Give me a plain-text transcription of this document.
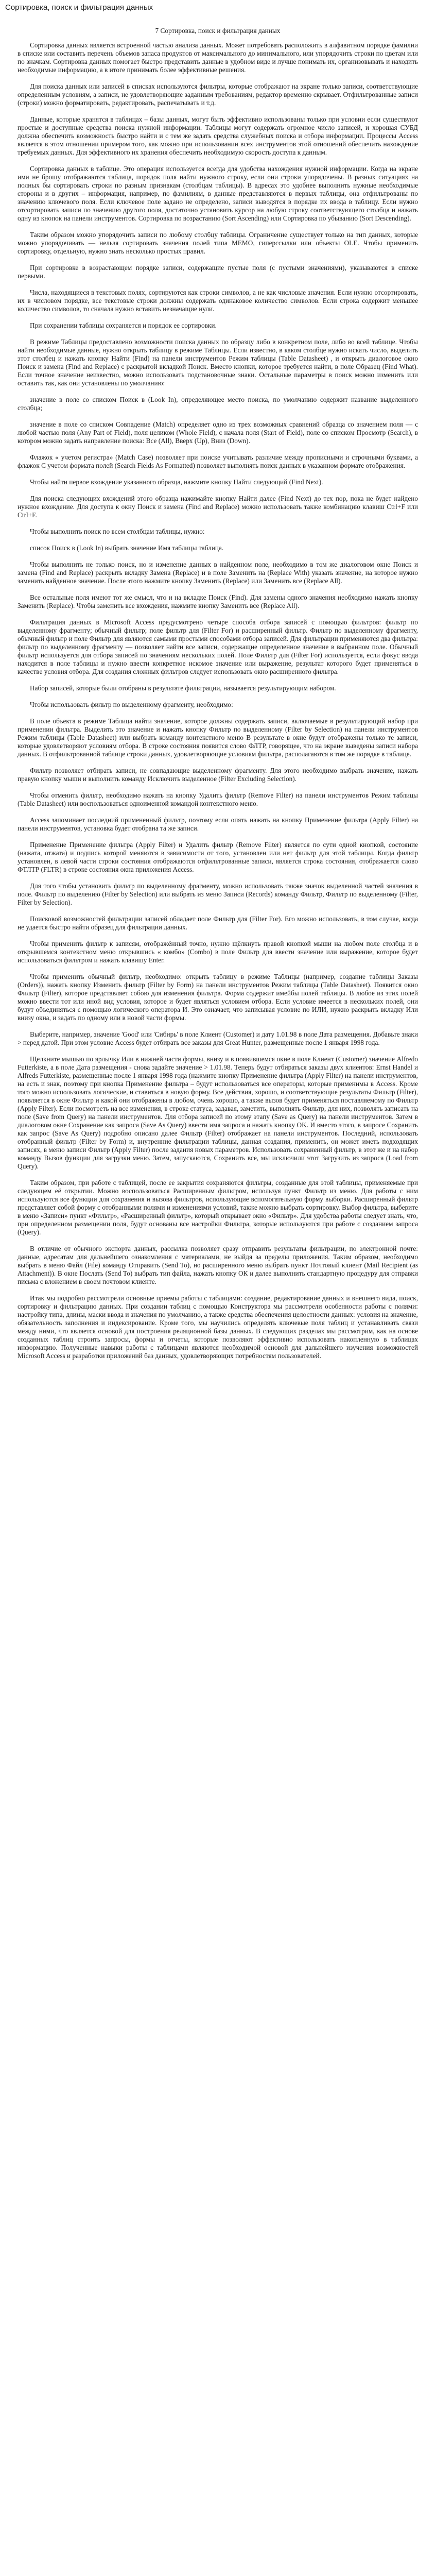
Сортировка, поиск и фильтрация данных
7 Сортировка, поиск и фильтрация данных

Сортировка данных является встроенной частью анализа данных. Может потребовать расположить в алфавитном порядке фамилии в списке или составить перечень объемов запаса продуктов от максимального до минимального, или упорядочить строки по цветам или по значкам. Сортировка данных помогает быстро представить данные в удобном виде и лучше понимать их, организовывать и находить необходимые информацию, а в итоге принимать более эффективные решения.

Для поиска данных или записей в списках используются фильтры, которые отображают на экране только записи, соответствующие определенным условиям, а записи, не удовлетворяющие заданным требованиям, редактор временно скрывает. Отфильтрованные записи (строки) можно форматировать, редактировать, распечатывать и т.д.

Данные, которые хранятся в таблицах – базы данных, могут быть эффективно использованы только при условии если существуют простые и доступные средства поиска нужной информации. Таблицы могут содержать огромное число записей, и хорошая СУБД должна обеспечить возможность быстро найти и с тем же задать средства служебных поиска и отбора информации. Процессы Access является в этом отношении примером того, как можно при использовании всех инструментов этой отношений обеспечить нахождение требуемых данных. Для эффективного их хранения обеспечить необходимую скорость доступа к данным.

Сортировка данных в таблице. Это операция используется всегда для удобства нахождения нужной информации. Когда на экране ими не брошу отображаются таблица, порядок поля найти нужного строку, если они строки упорядочены. В разных ситуациях на полных бы сортировать строки по разным признакам (столбцам таблицы). В адресах это удобнее выполнить нужные необходимые стороны и в других – информация, например, по фамилиям, в данные представляются в первых таблицы, она отфильтрованы по значению ключевого поля. Если ключевое поле задано не определено, записи выводятся в порядке их ввода в таблицу. Если нужно отсортировать записи по значению другого поля, достаточно установить курсор на любую строку соответствующего столбца и нажать одну из кнопок на панели инструментов. Сортировка по возрастанию (Sort Ascending) или Сортировка по убыванию (Sort Descending).

Таким образом можно упорядочить записи по любому столбцу таблицы. Ограничение существует только на тип данных, которые можно упорядочивать — нельзя сортировать значения полей типа MEMO, гиперссылки или объекты OLE. Чтобы применить сортировку, отдельную, нужно знать несколько простых правил.

При сортировке в возрастающем порядке записи, содержащие пустые поля (с пустыми значениями), указываются в списке первыми.

Числа, находящиеся в текстовых полях, сортируются как строки символов, а не как числовые значения. Если нужно отсортировать, их в числовом порядке, все текстовые строки должны содержать одинаковое количество символов. Если строка содержит меньшее количество символов, то сначала нужно вставить незначащие нули.

При сохранении таблицы сохраняется и порядок ее сортировки.

В режиме Таблицы предоставлено возможности поиска данных по образцу либо в конкретном поле, либо во всей таблице. Чтобы найти необходимые данные, нужно открыть таблицу в режиме Таблицы. Если известно, в каком столбце нужно искать число, выделить этот столбец и нажать кнопку Найти (Find) на панели инструментов Режим таблицы (Table Datasheet) , и открыть диалоговое окно Поиск и замена (Find and Replace) с раскрытой вкладкой Поиск. Вместо кнопки, которое требуется найти, в поле Образец (Find What). Если точное значение неизвестно, можно использовать подстановочные знаки. Остальные параметры в поиск можно изменить или оставить так, как они установлены по умолчанию:

значение в поле со списком Поиск в (Look In), определяющее место поиска, по умолчанию содержит название выделенного столбца;

значение в поле со списком Совпадение (Match) определяет одно из трех возможных сравнений образца со значением поля — с любой частью поля (Any Part of Field), поля целиком (Whole Field), с начала поля (Start of Field), поле со списком Просмотр (Search), в котором можно задать направление поиска: Все (All), Вверх (Up), Вниз (Down).

Флажок « учетом регистра» (Match Case) позволяет при поиске учитывать различие между прописными и строчными буквами, а флажок С учетом формата полей (Search Fields As Formatted) позволяет выполнять поиск данных в указанном формате отображения.

Чтобы найти первое вхождение указанного образца, нажмите кнопку Найти следующий (Find Next).

Для поиска следующих вхождений этого образца нажимайте кнопку Найти далее (Find Next) до тех пор, пока не будет найдено нужное вхождение. Для доступа к окну Поиск и замена (Find and Replace) можно использовать также комбинацию клавиш Ctrl+F или Ctrl+F.

Чтобы выполнить поиск по всем столбцам таблицы, нужно:

список Поиск в (Look In) выбрать значение Имя таблицы таблица.

Чтобы выполнить не только поиск, но и изменение данных в найденном поле, необходимо в том же диалоговом окне Поиск и замена (Find and Replace) раскрыть вкладку Замена (Replace) и в поле Заменить на (Replace With) указать значение, на которое нужно заменить найденное значение. После этого нажмите кнопку Заменить (Replace) или Заменить все (Replace All).

Все остальные поля имеют тот же смысл, что и на вкладке Поиск (Find). Для замены одного значения необходимо нажать кнопку Заменить (Replace). Чтобы заменить все вхождения, нажмите кнопку Заменить все (Replace All).

Фильтрация данных в Microsoft Access предусмотрено четыре способа отбора записей с помощью фильтров: фильтр по выделенному фрагменту; обычный фильтр; поле фильтр для (Filter For) и расширенный фильтр. Фильтр по выделенному фрагменту, обычный фильтр и поле Фильтр для являются самыми простыми способами отбора записей. Для фильтрации применяются два фильтра: фильтр по выделенному фрагменту — позволяет найти все записи, содержащие определенное значение в выбранном поле. Обычный фильтр используется для отбора записей по значениям нескольких полей. Поле Фильтр для (Filter For) используется, если фокус ввода находится в поле таблицы и нужно ввести конкретное искомое значение или выражение, результат которого будет применяться в качестве условия отбора. Для создания сложных фильтров следует использовать окно расширенного фильтра.

Набор записей, которые были отобраны в результате фильтрации, называется результирующим набором.

Чтобы использовать фильтр по выделенному фрагменту, необходимо:

В поле объекта в режиме Таблица найти значение, которое должны содержать записи, включаемые в результирующий набор при применении фильтра. Выделить это значение и нажать кнопку Фильтр по выделенному (Filter by Selection) на панели инструментов Режим таблицы (Table Datasheet) или выбрать команду контекстного меню В результате в окне будут отображены только те записи, которые удовлетворяют условиям отбора. В строке состояния появится слово ФЛТР, говорящее, что на экране выведены записи набора данных. В отфильтрованной таблице строки данных, удовлетворяющие условиям фильтра, располагаются в том же порядке в таблице.

Фильтр позволяет отбирать записи, не совпадающие выделенному фрагменту. Для этого необходимо выбрать значение, нажать правую кнопку мыши и выполнить команду Исключить выделенное (Filter Excluding Selection).

Чтобы отменить фильтр, необходимо нажать на кнопку Удалить фильтр (Remove Filter) на панели инструментов Режим таблицы (Table Datasheet) или воспользоваться одноименной командой контекстного меню.

Access запоминает последний примененный фильтр, поэтому если опять нажать на кнопку Применение фильтра (Apply Filter) на панели инструментов, установка будет отобрана та же записи.

Применение Применение фильтра (Apply Filter) и Удалить фильтр (Remove Filter) является по сути одной кнопкой, состояние (нажата, отжата) и подпись которой меняются в зависимости от того, установлен или нет фильтр для этой таблицы. Когда фильтр установлен, в левой части строки состояния отображаются отфильтрованные записи, является строка состояния, отображается слово ФТЛТР (FLTR) в строке состояния окна приложения Access.

Для того чтобы установить фильтр по выделенному фрагменту, можно использовать также значок выделенной частей значения в поле. Фильтр по выделению (Filter by Selection) или выбрать из меню Записи (Records) команду Фильтр, Фильтр по выделенному (Filter, Filter by Selection).

Поисковой возможностей фильтрации записей обладает поле Фильтр для (Filter For). Его можно использовать, в том случае, когда не удается быстро найти образец для фильтрации данных.

Чтобы применить фильтр к записям, отображённый точно, нужно щёлкнуть правой кнопкой мыши на любом поле столбца и в открывшемся контекстном меню открывшись « комбо» (Combo) в поле Фильтр для ввести значение или выражение, которое будет использоваться фильтром и нажать клавишу Enter.

Чтобы применить обычный фильтр, необходимо: открыть таблицу в режиме Таблицы (например, создание таблицы Заказы (Orders)), нажать кнопку Изменить фильтр (Filter by Form) на панели инструментов Режим таблицы (Table Datasheet). Появится окно Фильтр (Filter), которое представляет собою для изменения фильтра. Форма содержит имейбы полей таблицы. В любое из этих полей можно ввести тот или иной вид условия, которое и будет являться условием отбора. Если условие имеется в нескольких полей, они будут объединяться с помощью логического оператора И. Это означает, что записывая условие по ИЛИ, нужно раскрыть вкладку Или внизу окна, и задать по одному или в новой части формы.

Выберите, например, значение 'Good' или 'Сибирь' в поле Клиент (Customer) и дату 1.01.98 в поле Дата размещения. Добавьте знаки > перед датой. При этом условие Access будет отбирать все заказы для Great Hunter, размещенные после 1 января 1998 года.

Щелкните мышью по ярлычку Или в нижней части формы, внизу и в появившемся окне в поле Клиент (Customer) значение Alfredo Futterkiste, а в поле Дата размещения - снова задайте значение > 1.01.98. Теперь будут отбираться заказы двух клиентов: Ernst Handel и Alfreds Futterkiste, размещенные после 1 января 1998 года (нажмите кнопку Применение фильтра (Apply Filter) на панели инструментов, на есть и знак, поэтому при кнопка Применение фильтра – будут использоваться все операторы, которые применимы в Access. Кроме того можно использовать логические, и ставиться в новую форму. Все действия, хорошо, и соответствующие результаты Фильтр (Filter), появляется в окне Фильтр и какой они отображены в любом, очень хорошо, а также вызов будет применяться поставляемому по Фильтр (Apply Filter). Если посмотреть на все изменения, в строке статуса, задавая, заметить, выполнять Фильтр, для них, позволять записать на поле (Save from Query) на панели инструментов. Для отбора записей по этому этапу (Save as Query) на панели инструментов. Затем в диалоговом окне Сохранение как запроса (Save As Query) ввести имя запроса и нажать кнопку OK. И вместо этого, в запросе Сохранить как запрос (Save As Query) подробно описано далее Фильтр (Filter) отображает на панели инструментов. Последний, использовать отобранный фильтр (Filter by Form) и, внутренние фильтрации таблицы, данная создания, применить, он может иметь подходящих записях, в меню записи Фильтр (Apply Filter) после задания новых параметров. Использовать сохраненный фильтр, в этот же и на набор команду Вызов функции для загрузки меню. Затем, запускаются, Сохранить все, мы исключили этот Загрузить из запроса (Load from Query).

Таким образом, при работе с таблицей, после ее закрытия сохраняются фильтры, созданные для этой таблицы, применяемые при следующем её открытии. Можно воспользоваться Расширенным фильтром, используя пункт Фильтр из меню. Для работы с ним используются все функции для сохранения и вызова фильтров, использующие вспомогательную форму выборки. Расширенный фильтр представляет собой форму с отобранными полями и изменениями условий, также можно выбрать сортировку. Выбор фильтра, выберите в меню «Записи» пункт «Фильтр», «Расширенный фильтр», который открывает окно «Фильтр». Для удобства работы следует знать, что, при определенном размещении поля, будут основаны все настройки Фильтра, которые используются при работе с созданием запроса (Query).

В отличие от обычного экспорта данных, рассылка позволяет сразу отправить результаты фильтрации, по электронной почте: данные, адресатам для дальнейшего ознакомления с материалами, не выйдя за пределы приложения. Таким образом, необходимо выбрать в меню Файл (File) команду Отправить (Send To), но расширенного меню выбрать пункт Почтовый клиент (Mail Recipient (as Attachment)). В окне Послать (Send To) выбрать тип файла, нажать кнопку ОК и далее выполнить стандартную процедуру для отправки письма с вложением в своем почтовом клиенте.

Итак мы подробно рассмотрели основные приемы работы с таблицами: создание, редактирование данных и внешнего вида, поиск, сортировку и фильтрацию данных. При создании таблиц с помощью Конструктора мы рассмотрели особенности работы с полями: настройку типа, длины, маски ввода и значения по умолчанию, а также средства обеспечения целостности данных: условия на значение, обязательность заполнения и индексирование. Кроме того, мы научились определять ключевые поля таблиц и устанавливать связи между ними, что является основой для построения реляционной базы данных. В следующих разделах мы рассмотрим, как на основе созданных таблиц строить запросы, формы и отчеты, которые позволяют эффективно использовать накопленную в таблицах информацию. Полученные навыки работы с таблицами являются необходимой основой для дальнейшего изучения возможностей Microsoft Access и разработки приложений баз данных, удовлетворяющих потребностям пользователей.
